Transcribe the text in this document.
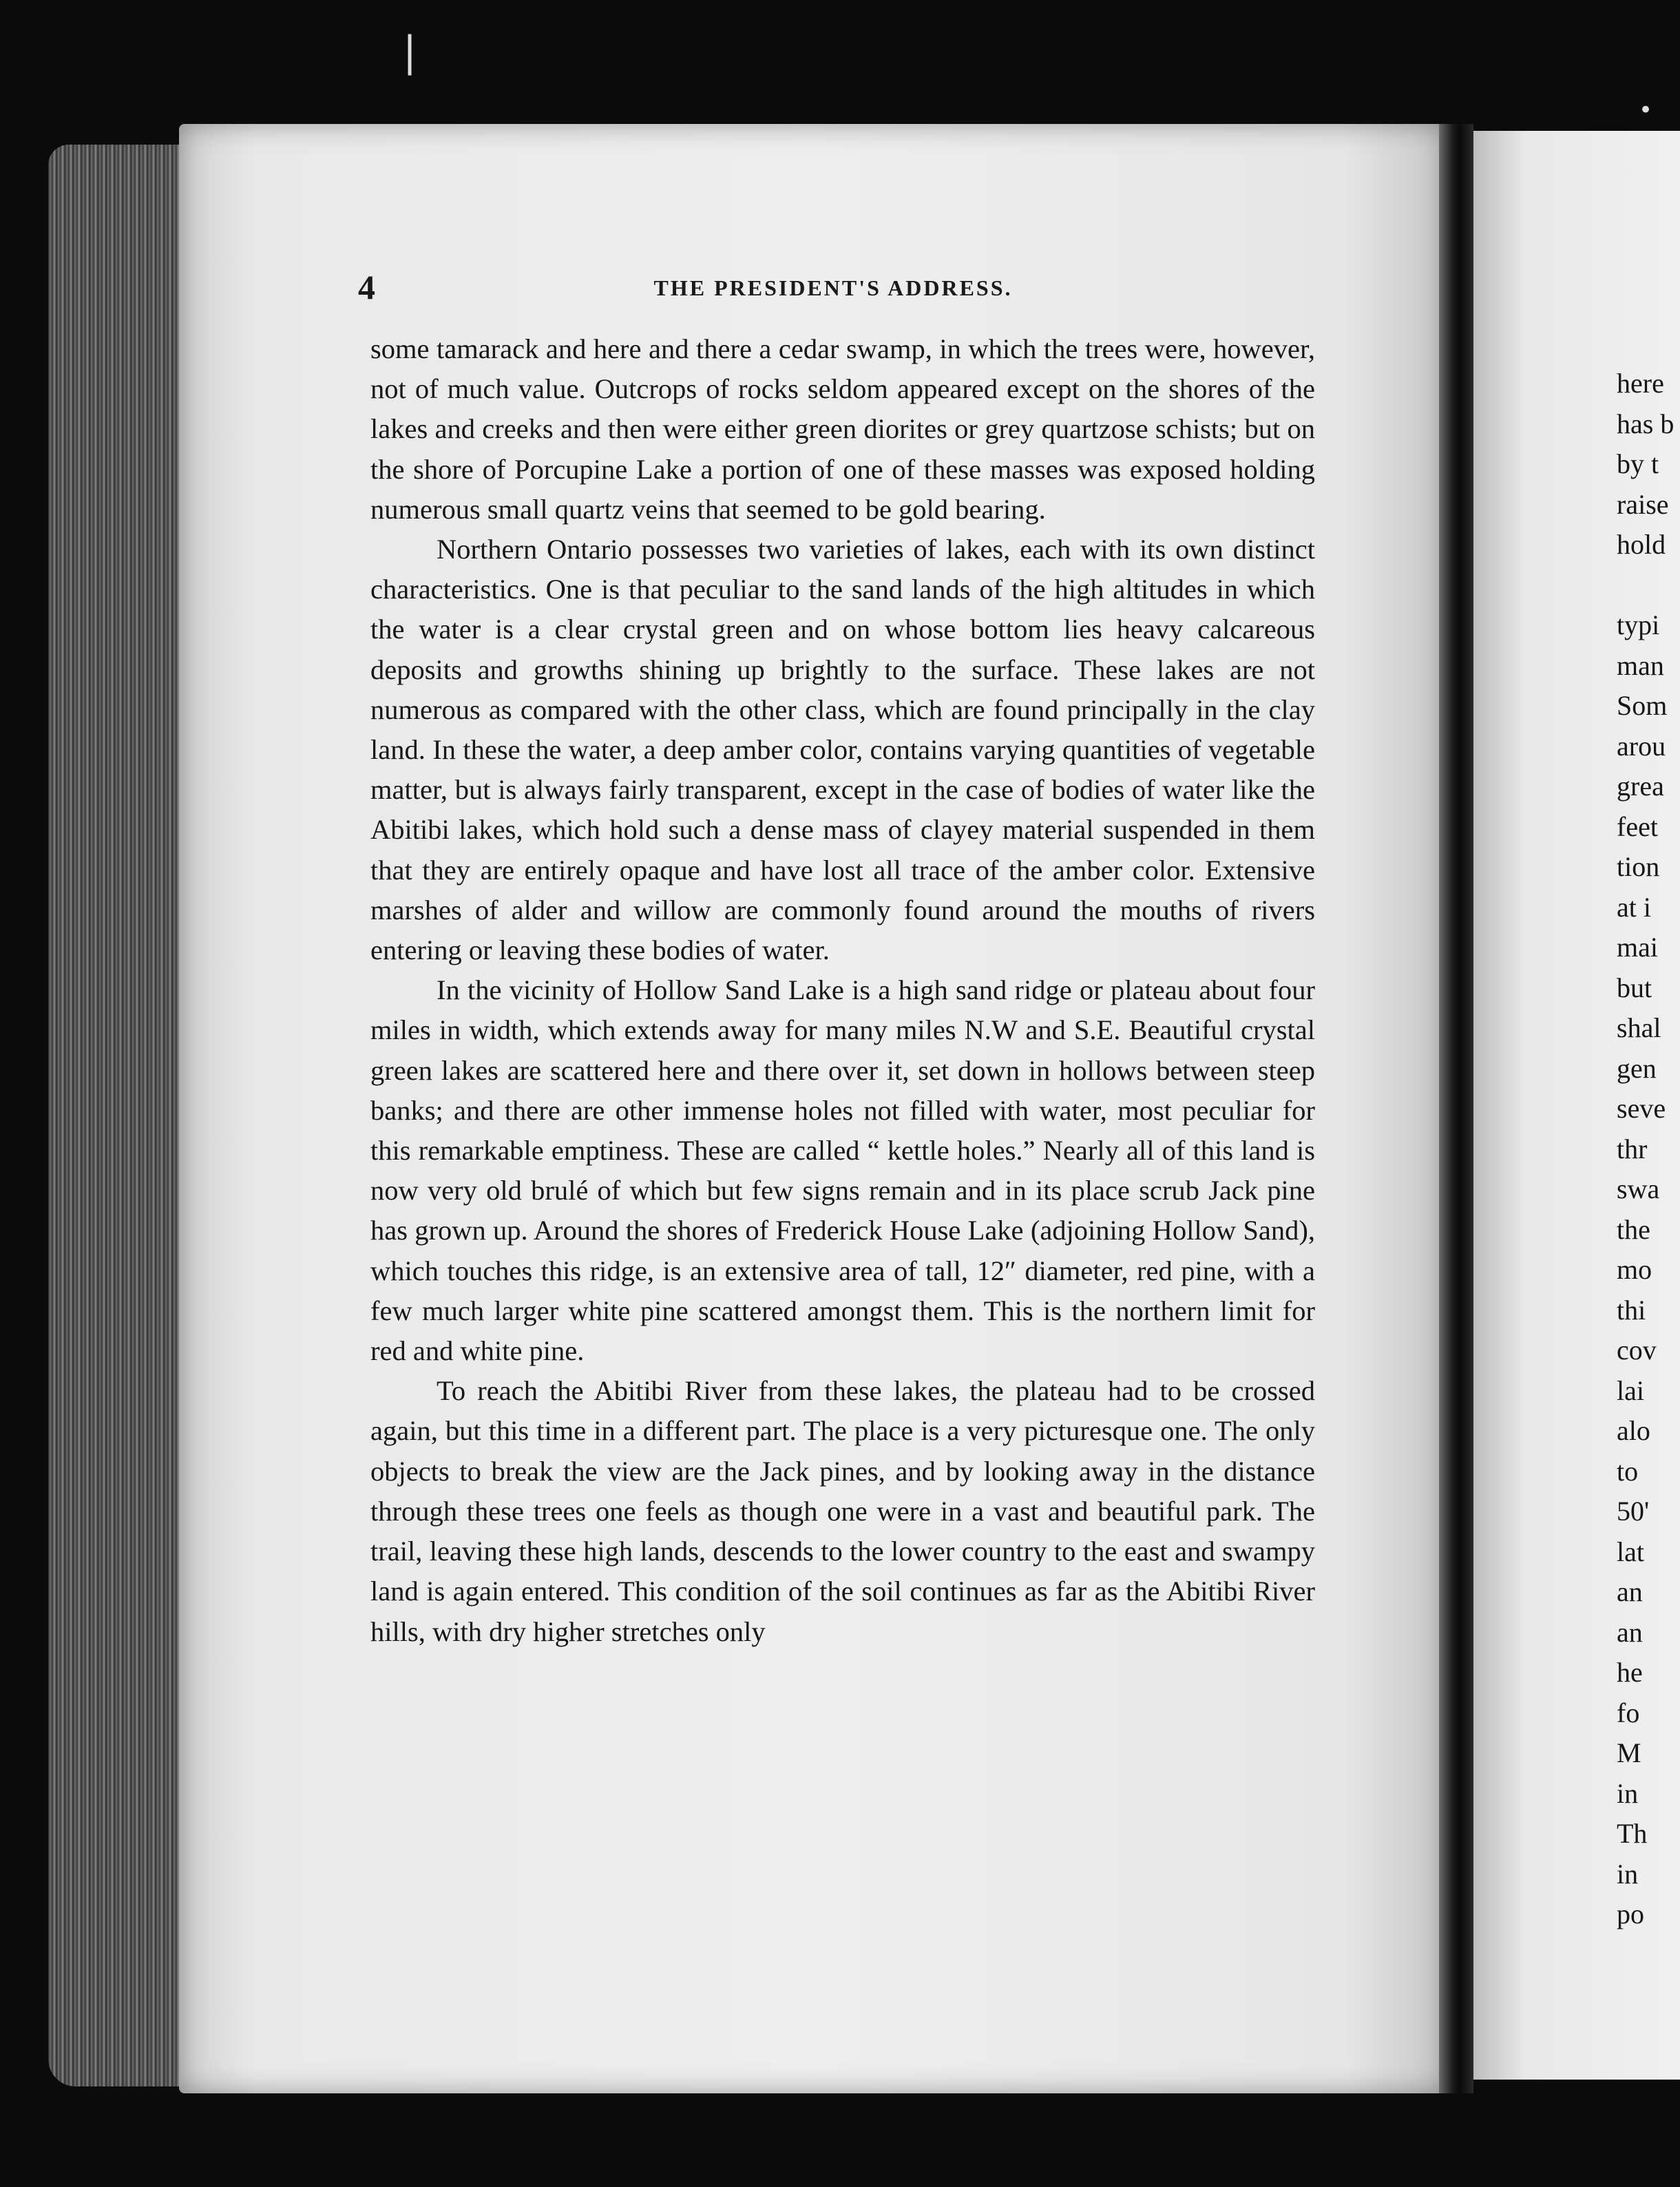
4	THE PRESIDENT'S ADDRESS.

some tamarack and here and there a cedar swamp, in which the trees were, however, not of much value. Outcrops of rocks seldom appeared except on the shores of the lakes and creeks and then were either green diorites or grey quartzose schists; but on the shore of Porcupine Lake a portion of one of these masses was exposed holding numerous small quartz veins that seemed to be gold bearing.

Northern Ontario possesses two varieties of lakes, each with its own distinct characteristics. One is that peculiar to the sand lands of the high altitudes in which the water is a clear crystal green and on whose bottom lies heavy calcareous deposits and growths shining up brightly to the surface. These lakes are not numerous as compared with the other class, which are found principally in the clay land. In these the water, a deep amber color, contains varying quantities of vegetable matter, but is always fairly transparent, except in the case of bodies of water like the Abitibi lakes, which hold such a dense mass of clayey material suspended in them that they are entirely opaque and have lost all trace of the amber color. Extensive marshes of alder and willow are commonly found around the mouths of rivers entering or leaving these bodies of water.

In the vicinity of Hollow Sand Lake is a high sand ridge or plateau about four miles in width, which extends away for many miles N.W and S.E. Beautiful crystal green lakes are scattered here and there over it, set down in hollows between steep banks; and there are other immense holes not filled with water, most peculiar for this remarkable emptiness. These are called “ kettle holes.” Nearly all of this land is now very old brulé of which but few signs remain and in its place scrub Jack pine has grown up. Around the shores of Frederick House Lake (adjoining Hollow Sand), which touches this ridge, is an extensive area of tall, 12″ diameter, red pine, with a few much larger white pine scattered amongst them. This is the northern limit for red and white pine.

To reach the Abitibi River from these lakes, the plateau had to be crossed again, but this time in a different part. The place is a very picturesque one. The only objects to break the view are the Jack pines, and by looking away in the distance through these trees one feels as though one were in a vast and beautiful park. The trail, leaving these high lands, descends to the lower country to the east and swampy land is again entered. This condition of the soil continues as far as the Abitibi River hills, with dry higher stretches only

here
has b
by t
raise
hold
typi
man
Som
arou
grea
feet
tion
at i
mai
but
shal
gen
seve
thr
swa
the
mo
thi
cov
lai
alo
to
50'
lat
an
an
he
fo
M
in
Th
in
po
❘
•
